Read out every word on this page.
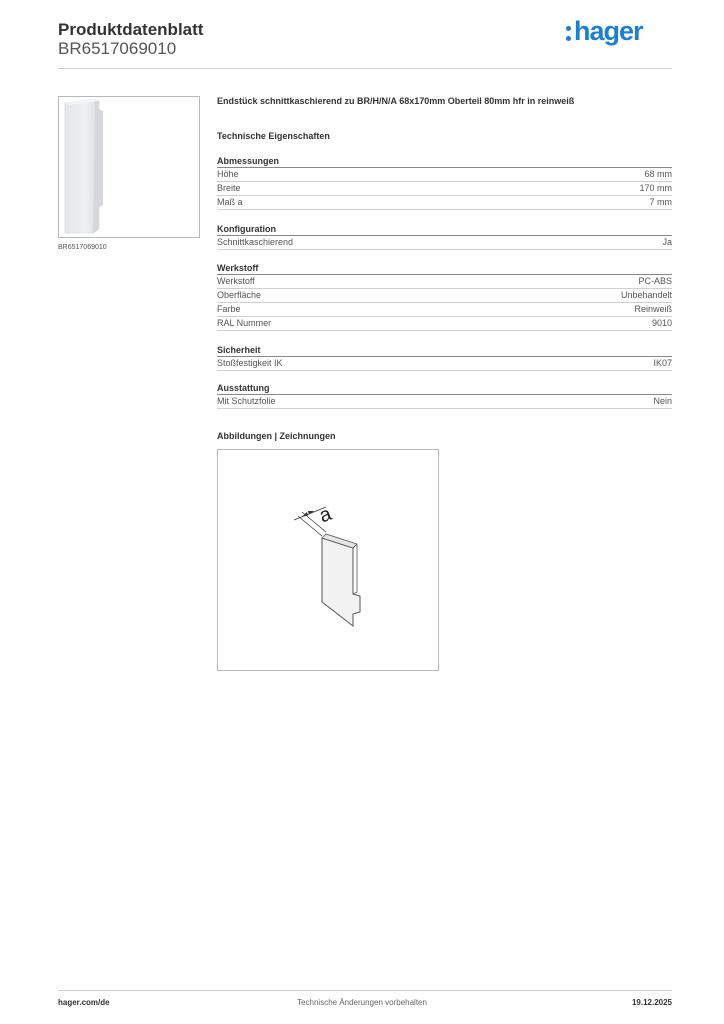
Produktdatenblatt
BR6517069010
hager
BR6517069010
Endstück schnittkaschierend zu BR/H/N/A 68x170mm Oberteil 80mm hfr in reinweiß
Technische Eigenschaften
Abmessungen
Höhe	68 mm
Breite	170 mm
Maß a	7 mm
Konfiguration
Schnittkaschierend	Ja
Werkstoff
Werkstoff	PC-ABS
Oberfläche	Unbehandelt
Farbe	Reinweiß
RAL Nummer	9010
Sicherheit
Stoßfestigkeit IK	IK07
Ausstattung
Mit Schutzfolie	Nein
Abbildungen | Zeichnungen
a
hager.com/de	Technische Änderungen vorbehalten	19.12.2025
